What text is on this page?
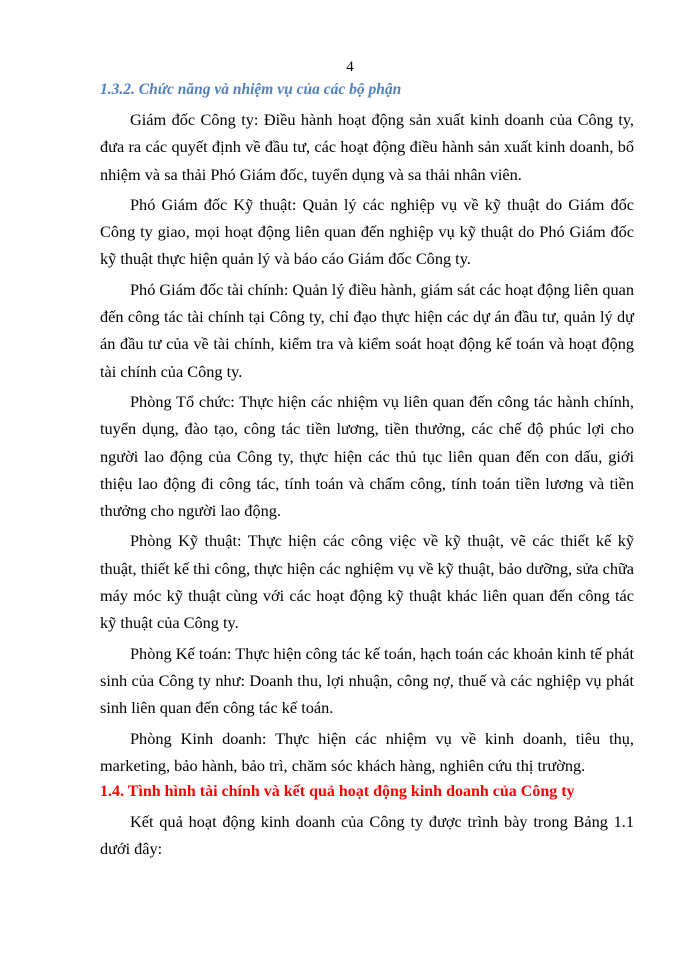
4
1.3.2. Chức năng và nhiệm vụ của các bộ phận

Giám đốc Công ty: Điều hành hoạt động sản xuất kinh doanh của Công ty, đưa ra các quyết định về đầu tư, các hoạt động điều hành sản xuất kinh doanh, bổ nhiệm và sa thải Phó Giám đốc, tuyển dụng và sa thải nhân viên.

Phó Giám đốc Kỹ thuật: Quản lý các nghiệp vụ về kỹ thuật do Giám đốc Công ty giao, mọi hoạt động liên quan đến nghiệp vụ kỹ thuật do Phó Giám đốc kỹ thuật thực hiện quản lý và báo cáo Giám đốc Công ty.

Phó Giám đốc tài chính: Quản lý điều hành, giám sát các hoạt động liên quan đến công tác tài chính tại Công ty, chỉ đạo thực hiện các dự án đầu tư, quản lý dự án đầu tư của về tài chính, kiểm tra và kiểm soát hoạt động kế toán và hoạt động tài chính của Công ty.

Phòng Tổ chức: Thực hiện các nhiệm vụ liên quan đến công tác hành chính, tuyển dụng, đào tạo, công tác tiền lương, tiền thưởng, các chế độ phúc lợi cho người lao động của Công ty, thực hiện các thủ tục liên quan đến con dấu, giới thiệu lao động đi công tác, tính toán và chấm công, tính toán tiền lương và tiền thưởng cho người lao động.

Phòng Kỹ thuật: Thực hiện các công việc về kỹ thuật, vẽ các thiết kế kỹ thuật, thiết kế thi công, thực hiện các nghiệm vụ về kỹ thuật, bảo dưỡng, sửa chữa máy móc kỹ thuật cùng với các hoạt động kỹ thuật khác liên quan đến công tác kỹ thuật của Công ty.

Phòng Kế toán: Thực hiện công tác kế toán, hạch toán các khoản kinh tế phát sinh của Công ty như: Doanh thu, lợi nhuận, công nợ, thuế và các nghiệp vụ phát sinh liên quan đến công tác kế toán.

Phòng Kinh doanh: Thực hiện các nhiệm vụ về kinh doanh, tiêu thụ, marketing, bảo hành, bảo trì, chăm sóc khách hàng, nghiên cứu thị trường.

1.4. Tình hình tài chính và kết quả hoạt động kinh doanh của Công ty

Kết quả hoạt động kinh doanh của Công ty được trình bày trong Bảng 1.1 dưới đây:
